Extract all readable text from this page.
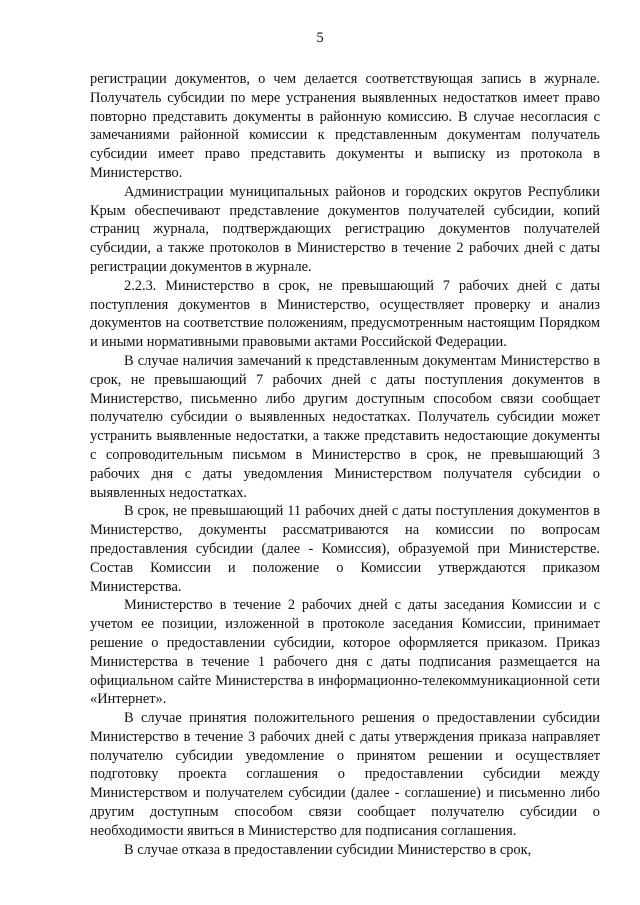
5

регистрации документов, о чем делается соответствующая запись в журнале. Получатель субсидии по мере устранения выявленных недостатков имеет право повторно представить документы в районную комиссию. В случае несогласия с замечаниями районной комиссии к представленным документам получатель субсидии имеет право представить документы и выписку из протокола в Министерство.

Администрации муниципальных районов и городских округов Республики Крым обеспечивают представление документов получателей субсидии, копий страниц журнала, подтверждающих регистрацию документов получателей субсидии, а также протоколов в Министерство в течение 2 рабочих дней с даты регистрации документов в журнале.

2.2.3. Министерство в срок, не превышающий 7 рабочих дней с даты поступления документов в Министерство, осуществляет проверку и анализ документов на соответствие положениям, предусмотренным настоящим Порядком и иными нормативными правовыми актами Российской Федерации.

В случае наличия замечаний к представленным документам Министерство в срок, не превышающий 7 рабочих дней с даты поступления документов в Министерство, письменно либо другим доступным способом связи сообщает получателю субсидии о выявленных недостатках. Получатель субсидии может устранить выявленные недостатки, а также представить недостающие документы с сопроводительным письмом в Министерство в срок, не превышающий 3 рабочих дня с даты уведомления Министерством получателя субсидии о выявленных недостатках.

В срок, не превышающий 11 рабочих дней с даты поступления документов в Министерство, документы рассматриваются на комиссии по вопросам предоставления субсидии (далее - Комиссия), образуемой при Министерстве. Состав Комиссии и положение о Комиссии утверждаются приказом Министерства.

Министерство в течение 2 рабочих дней с даты заседания Комиссии и с учетом ее позиции, изложенной в протоколе заседания Комиссии, принимает решение о предоставлении субсидии, которое оформляется приказом. Приказ Министерства в течение 1 рабочего дня с даты подписания размещается на официальном сайте Министерства в информационно-телекоммуникационной сети «Интернет».

В случае принятия положительного решения о предоставлении субсидии Министерство в течение 3 рабочих дней с даты утверждения приказа направляет получателю субсидии уведомление о принятом решении и осуществляет подготовку проекта соглашения о предоставлении субсидии между Министерством и получателем субсидии (далее - соглашение) и письменно либо другим доступным способом связи сообщает получателю субсидии о необходимости явиться в Министерство для подписания соглашения.

В случае отказа в предоставлении субсидии Министерство в срок,
